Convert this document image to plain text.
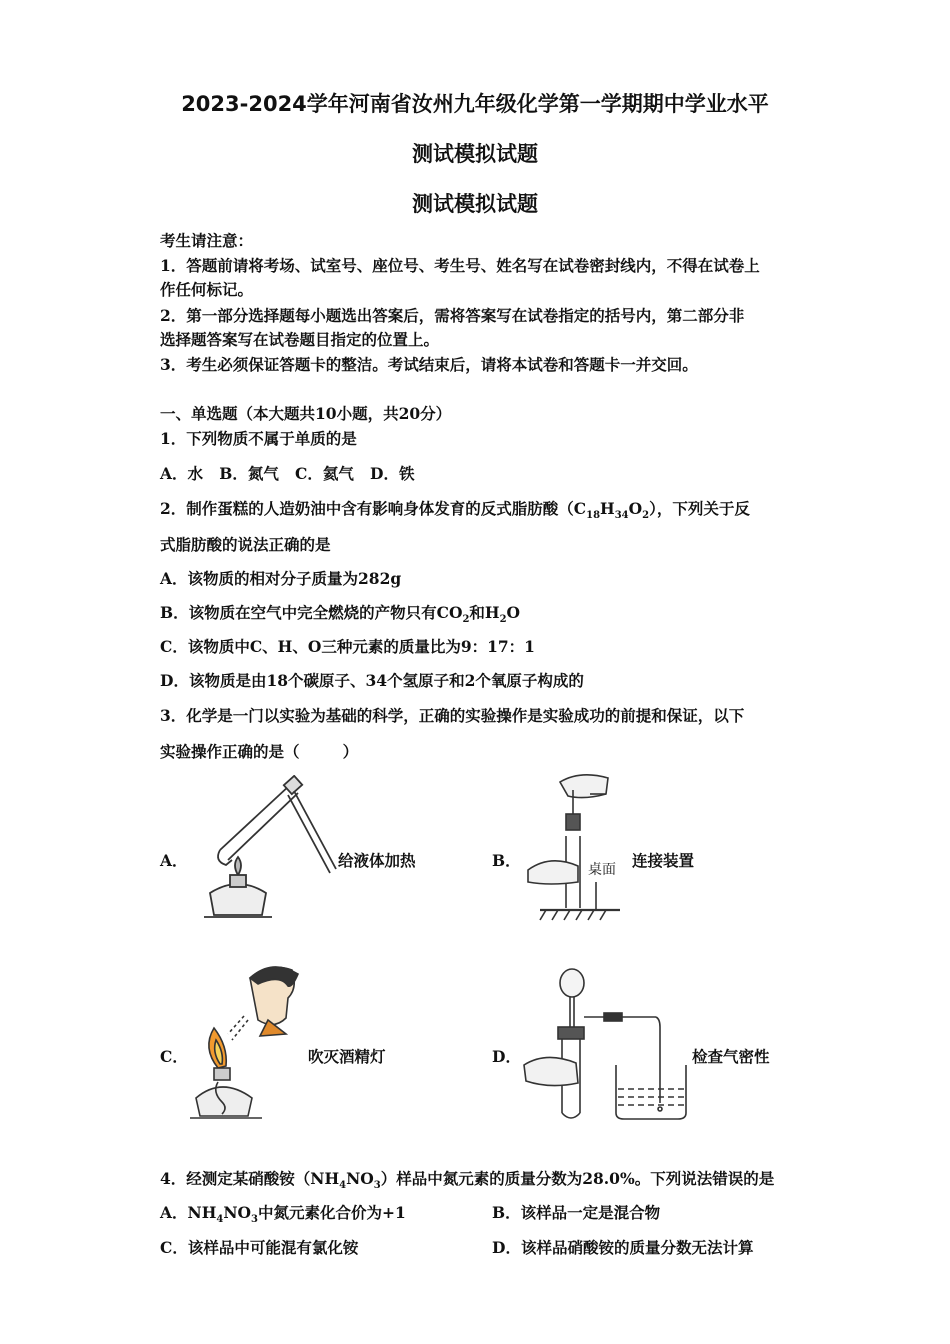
2023-2024学年河南省汝州九年级化学第一学期期中学业水平
测试模拟试题
测试模拟试题
考生请注意：
1．答题前请将考场、试室号、座位号、考生号、姓名写在试卷密封线内，不得在试卷上
作任何标记。
2．第一部分选择题每小题选出答案后，需将答案写在试卷指定的括号内，第二部分非
选择题答案写在试卷题目指定的位置上。
3．考生必须保证答题卡的整洁。考试结束后，请将本试卷和答题卡一并交回。
一、单选题（本大题共10小题，共20分）
1．下列物质不属于单质的是
A．水   B．氮气   C．氦气   D．铁
2．制作蛋糕的人造奶油中含有影响身体发育的反式脂肪酸$(C_{18}H_{34}O_2)$，下列关于反
式脂肪酸的说法正确的是
A．该物质的相对分子质量为282g
B．该物质在空气中完全燃烧的产物只有$CO_2$和$H_2O$
C．该物质中C、H、O三种元素的质量比为9：17：1
D．该物质是由18个碳原子、34个氢原子和2个氧原子构成的
3．化学是一门以实验为基础的科学，正确的实验操作是实验成功的前提和保证，以下
实验操作正确的是（        ）
A．	给液体加热	B．	桌面 连接装置
C．	吹灭酒精灯	D．	检查气密性
4．经测定某硝酸铵$(NH_4NO_3)$样品中氮元素的质量分数为28.0%。下列说法错误的是
A．$NH_4NO_3$中氮元素化合价为+1	B．该样品一定是混合物
C．该样品中可能混有氯化铵	D．该样品硝酸铵的质量分数无法计算
